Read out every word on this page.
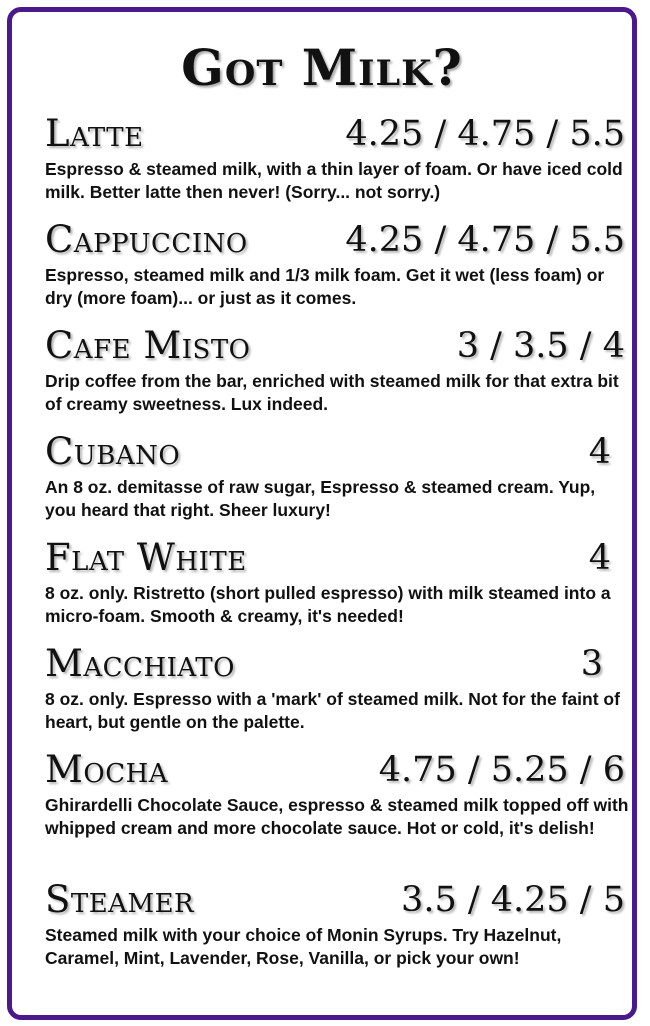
Got Milk?
Latte	4.25 / 4.75 / 5.5
Espresso & steamed milk, with a thin layer of foam. Or have iced cold milk. Better latte then never! (Sorry... not sorry.)
Cappuccino	4.25 / 4.75 / 5.5
Espresso, steamed milk and 1/3 milk foam. Get it wet (less foam) or dry (more foam)... or just as it comes.
Cafe Misto	3 / 3.5 / 4
Drip coffee from the bar, enriched with steamed milk for that extra bit of creamy sweetness. Lux indeed.
Cubano	4
An 8 oz. demitasse of raw sugar, Espresso & steamed cream. Yup, you heard that right. Sheer luxury!
Flat White	4
8 oz. only. Ristretto (short pulled espresso) with milk steamed into a micro-foam. Smooth & creamy, it's needed!
Macchiato	3
8 oz. only. Espresso with a 'mark' of steamed milk. Not for the faint of heart, but gentle on the palette.
Mocha	4.75 / 5.25 / 6
Ghirardelli Chocolate Sauce, espresso & steamed milk topped off with whipped cream and more chocolate sauce. Hot or cold, it's delish!
Steamer	3.5 / 4.25 / 5
Steamed milk with your choice of Monin Syrups. Try Hazelnut, Caramel, Mint, Lavender, Rose, Vanilla, or pick your own!
